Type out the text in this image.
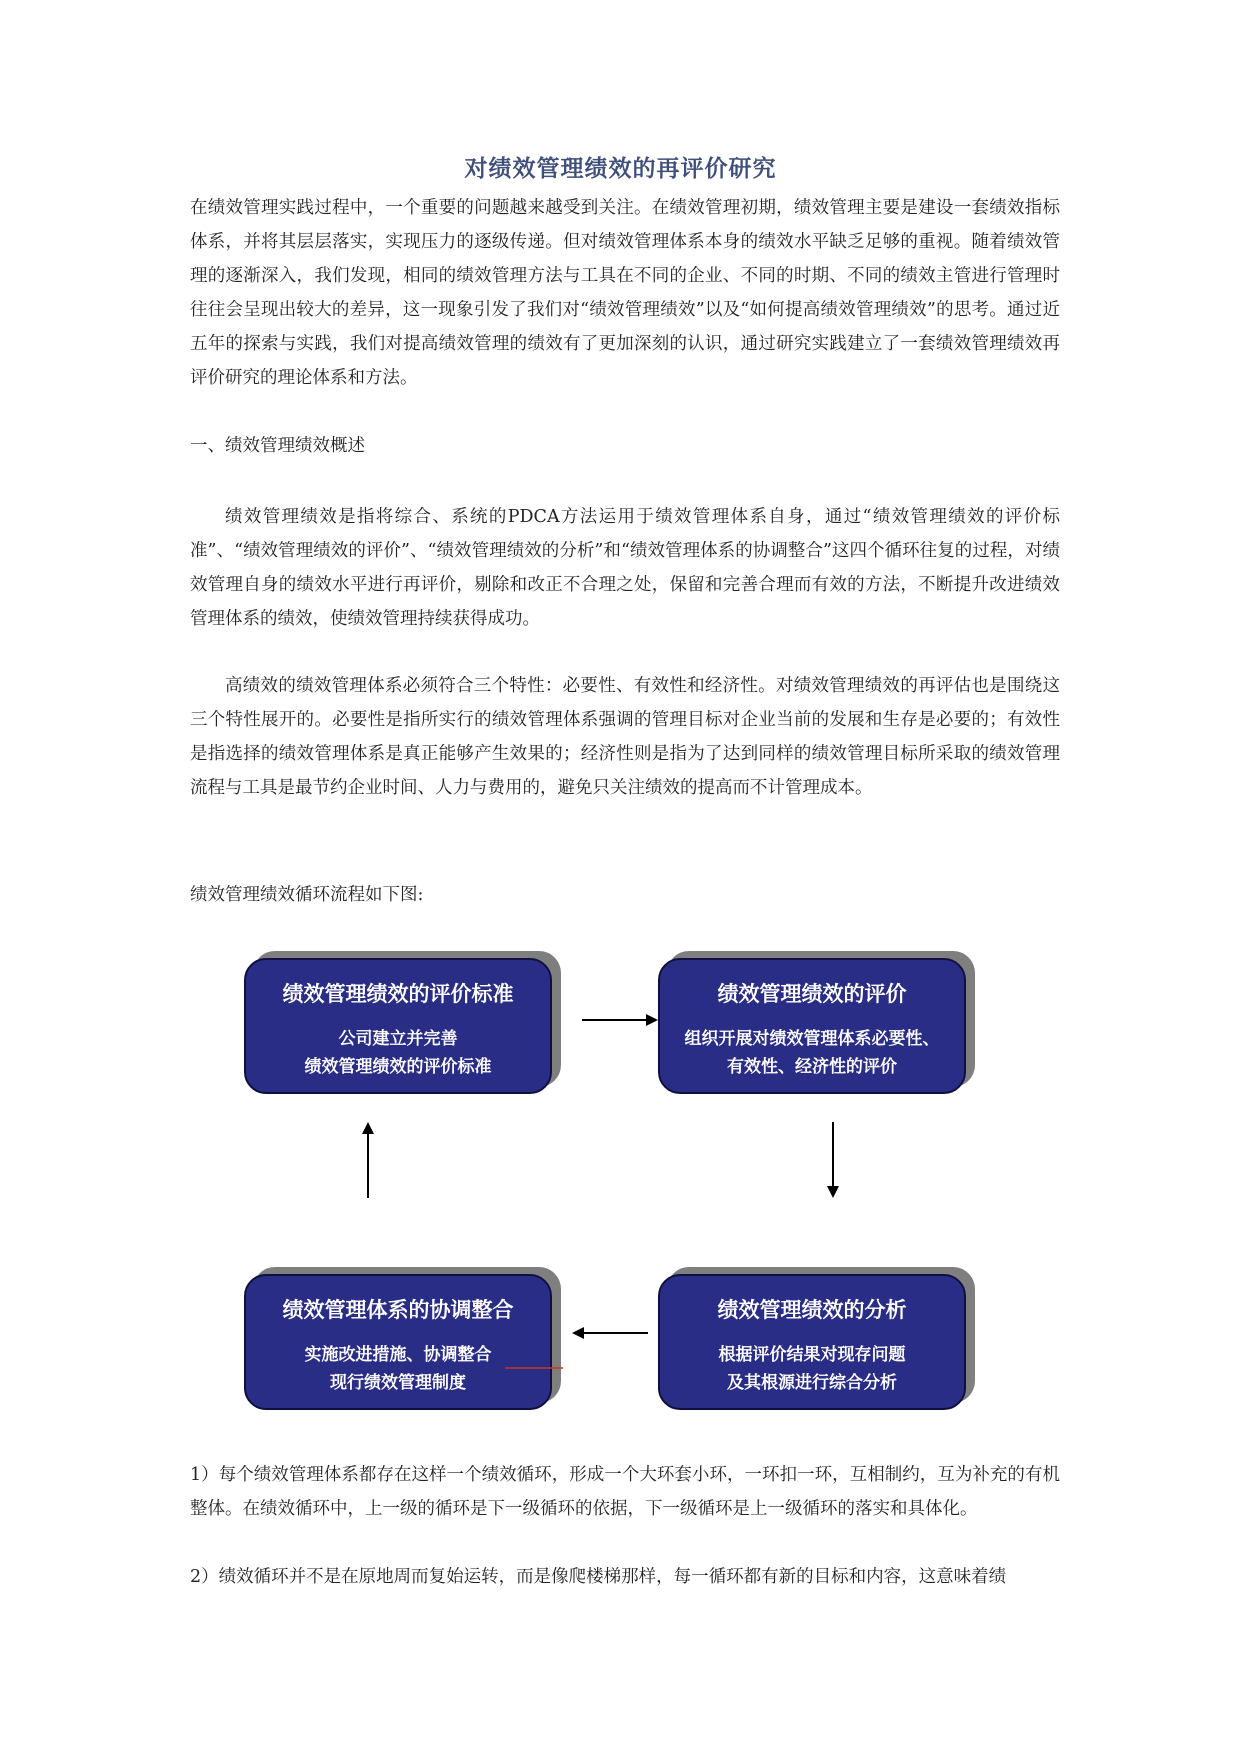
对绩效管理绩效的再评价研究

在绩效管理实践过程中，一个重要的问题越来越受到关注。在绩效管理初期，绩效管理主要是建设一套绩效指标体系，并将其层层落实，实现压力的逐级传递。但对绩效管理体系本身的绩效水平缺乏足够的重视。随着绩效管理的逐渐深入，我们发现，相同的绩效管理方法与工具在不同的企业、不同的时期、不同的绩效主管进行管理时往往会呈现出较大的差异，这一现象引发了我们对“绩效管理绩效”以及“如何提高绩效管理绩效”的思考。通过近五年的探索与实践，我们对提高绩效管理的绩效有了更加深刻的认识，通过研究实践建立了一套绩效管理绩效再评价研究的理论体系和方法。

一、绩效管理绩效概述

绩效管理绩效是指将综合、系统的PDCA方法运用于绩效管理体系自身，通过“绩效管理绩效的评价标准”、“绩效管理绩效的评价”、“绩效管理绩效的分析”和“绩效管理体系的协调整合”这四个循环往复的过程，对绩效管理自身的绩效水平进行再评价，剔除和改正不合理之处，保留和完善合理而有效的方法，不断提升改进绩效管理体系的绩效，使绩效管理持续获得成功。

高绩效的绩效管理体系必须符合三个特性：必要性、有效性和经济性。对绩效管理绩效的再评估也是围绕这三个特性展开的。必要性是指所实行的绩效管理体系强调的管理目标对企业当前的发展和生存是必要的；有效性是指选择的绩效管理体系是真正能够产生效果的；经济性则是指为了达到同样的绩效管理目标所采取的绩效管理流程与工具是最节约企业时间、人力与费用的，避免只关注绩效的提高而不计管理成本。

绩效管理绩效循环流程如下图:

绩效管理绩效的评价标准
公司建立并完善
绩效管理绩效的评价标准
绩效管理绩效的评价
组织开展对绩效管理体系必要性、
有效性、经济性的评价
绩效管理绩效的分析
根据评价结果对现存问题
及其根源进行综合分析
绩效管理体系的协调整合
实施改进措施、协调整合
现行绩效管理制度

1）每个绩效管理体系都存在这样一个绩效循环，形成一个大环套小环，一环扣一环，互相制约，互为补充的有机整体。在绩效循环中，上一级的循环是下一级循环的依据，下一级循环是上一级循环的落实和具体化。

2）绩效循环并不是在原地周而复始运转，而是像爬楼梯那样，每一循环都有新的目标和内容，这意味着绩
